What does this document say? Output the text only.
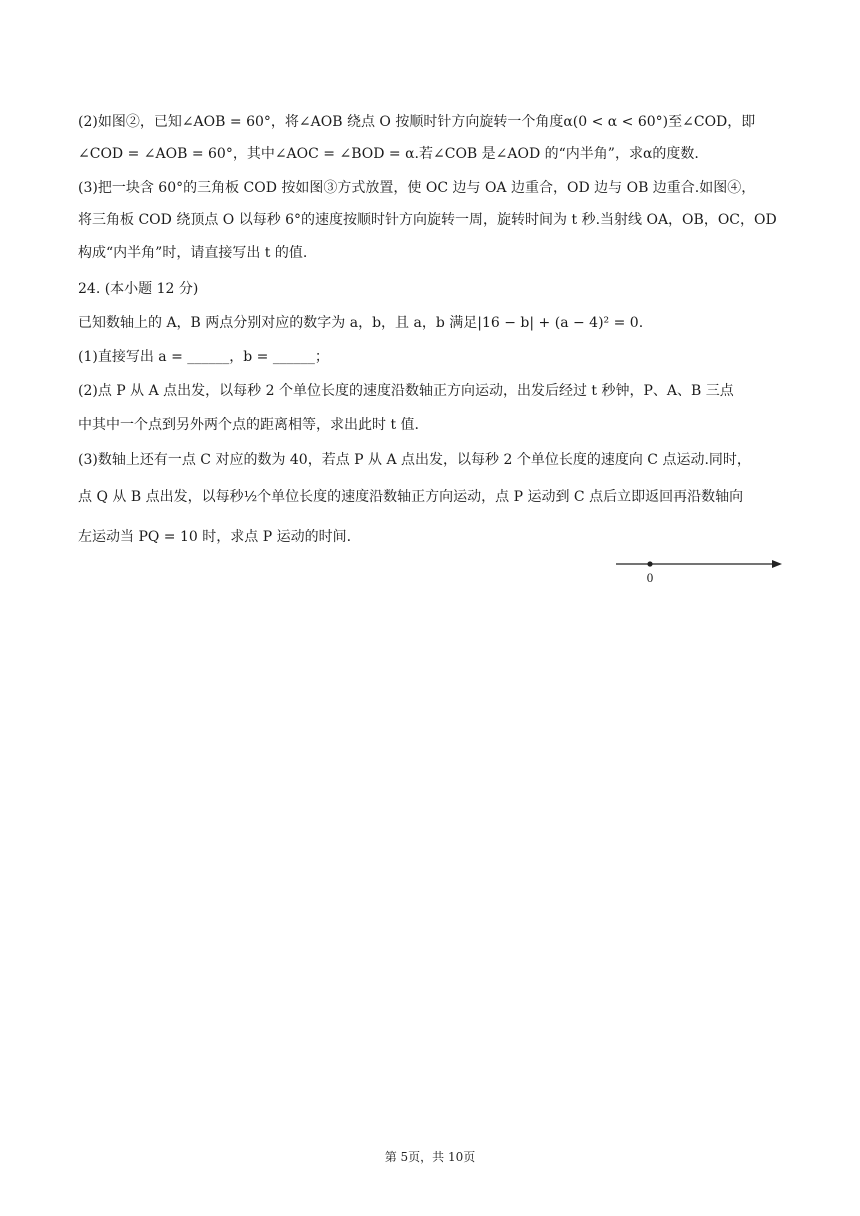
(2)如图②，已知∠AOB = 60°，将∠AOB 绕点 O 按顺时针方向旋转一个角度α(0 < α < 60°)至∠COD，即
∠COD = ∠AOB = 60°，其中∠AOC = ∠BOD = α.若∠COB 是∠AOD 的“内半角”，求α的度数.
(3)把一块含 60°的三角板 COD 按如图③方式放置，使 OC 边与 OA 边重合，OD 边与 OB 边重合.如图④，
将三角板 COD 绕顶点 O 以每秒 6°的速度按顺时针方向旋转一周，旋转时间为 t 秒.当射线 OA，OB，OC，OD
构成“内半角”时，请直接写出 t 的值.
24. (本小题 12 分)
已知数轴上的 A，B 两点分别对应的数字为 a，b，且 a，b 满足|16 − b| + (a − 4)² = 0.
(1)直接写出 a = ______，b = ______；
(2)点 P 从 A 点出发，以每秒 2 个单位长度的速度沿数轴正方向运动，出发后经过 t 秒钟，P、A、B 三点
中其中一个点到另外两个点的距离相等，求出此时 t 值.
(3)数轴上还有一点 C 对应的数为 40，若点 P 从 A 点出发，以每秒 2 个单位长度的速度向 C 点运动.同时，
点 Q 从 B 点出发，以每秒½个单位长度的速度沿数轴正方向运动，点 P 运动到 C 点后立即返回再沿数轴向
左运动当 PQ = 10 时，求点 P 运动的时间.
0
第 5页，共 10页
